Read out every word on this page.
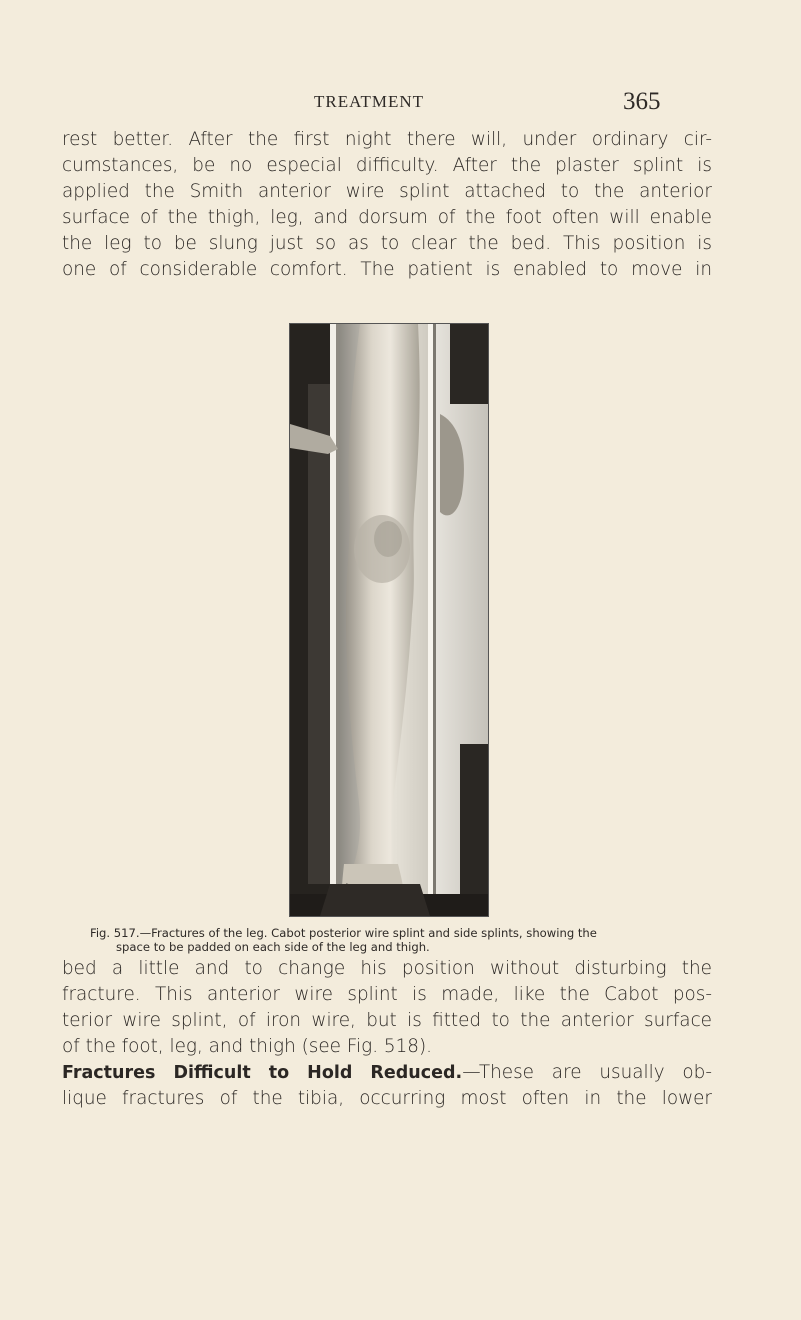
TREATMENT	365
rest better. After the first night there will, under ordinary cir-
cumstances, be no especial difficulty. After the plaster splint is
applied the Smith anterior wire splint attached to the anterior
surface of the thigh, leg, and dorsum of the foot often will enable
the leg to be slung just so as to clear the bed. This position is
one of considerable comfort. The patient is enabled to move in
Fig. 517.—Fractures of the leg. Cabot posterior wire splint and side splints, showing the
space to be padded on each side of the leg and thigh.
bed a little and to change his position without disturbing the
fracture. This anterior wire splint is made, like the Cabot pos-
terior wire splint, of iron wire, but is fitted to the anterior surface
of the foot, leg, and thigh (see Fig. 518).
Fractures Difficult to Hold Reduced.—These are usually ob-
lique fractures of the tibia, occurring most often in the lower
